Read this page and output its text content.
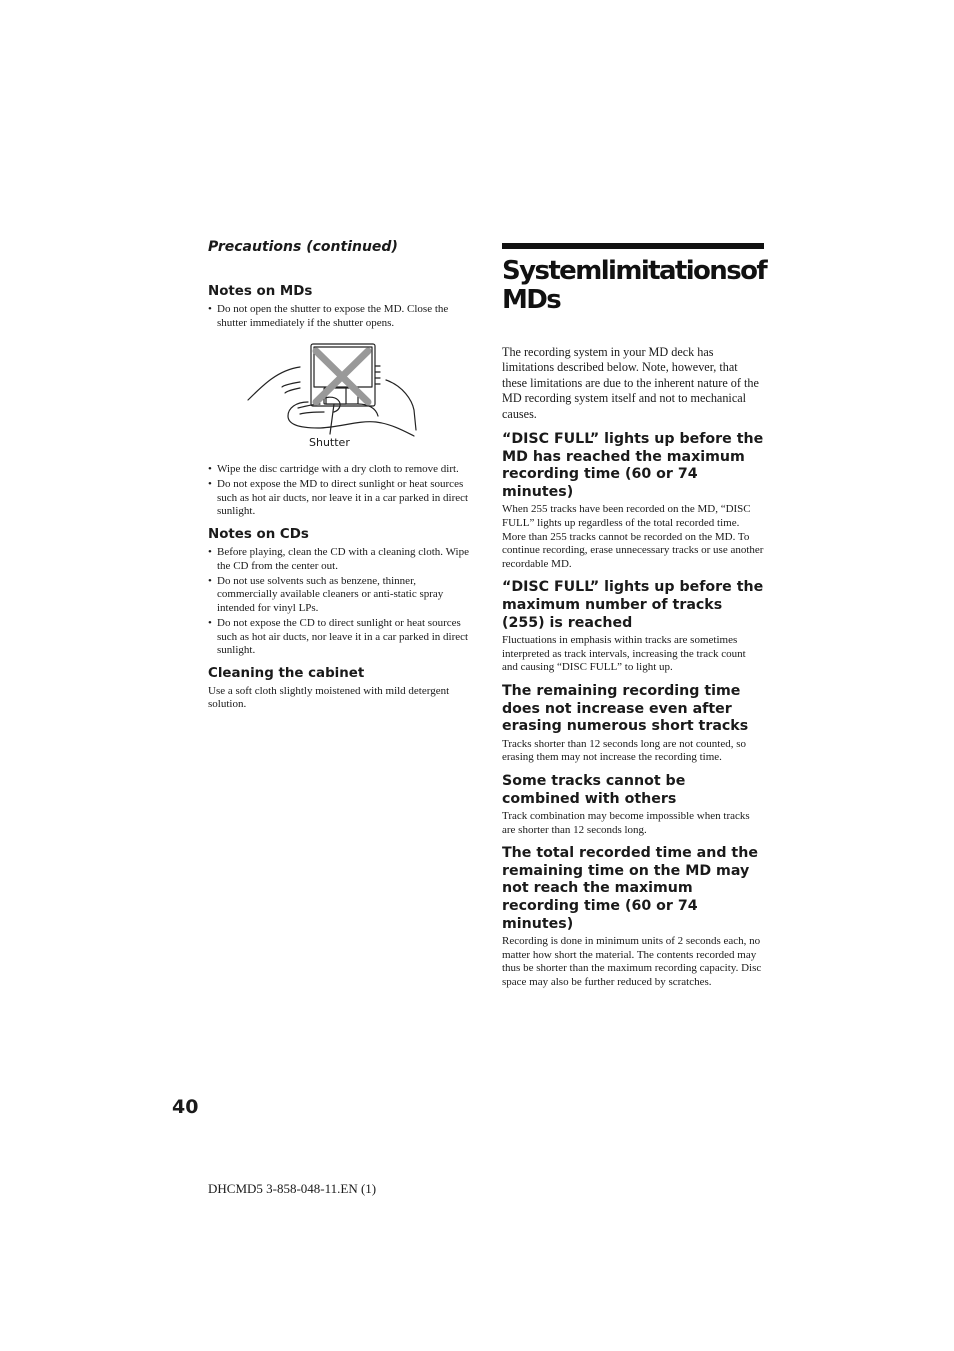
Precautions (continued)

Notes on MDs
• Do not open the shutter to expose the MD. Close the shutter immediately if the shutter opens.
Shutter
• Wipe the disc cartridge with a dry cloth to remove dirt.
• Do not expose the MD to direct sunlight or heat sources such as hot air ducts, nor leave it in a car parked in direct sunlight.
Notes on CDs
• Before playing, clean the CD with a cleaning cloth. Wipe the CD from the center out.
• Do not use solvents such as benzene, thinner, commercially available cleaners or anti-static spray intended for vinyl LPs.
• Do not expose the CD to direct sunlight or heat sources such as hot air ducts, nor leave it in a car parked in direct sunlight.
Cleaning the cabinet

Use a soft cloth slightly moistened with mild detergent solution.

Systemlimitationsof MDs

The recording system in your MD deck has limitations described below. Note, however, that these limitations are due to the inherent nature of the MD recording system itself and not to mechanical causes.

“DISC FULL” lights up before the MD has reached the maximum recording time (60 or 74 minutes)

When 255 tracks have been recorded on the MD, “DISC FULL” lights up regardless of the total recorded time. More than 255 tracks cannot be recorded on the MD. To continue recording, erase unnecessary tracks or use another recordable MD.

“DISC FULL” lights up before the maximum number of tracks (255) is reached

Fluctuations in emphasis within tracks are sometimes interpreted as track intervals, increasing the track count and causing “DISC FULL” to light up.

The remaining recording time does not increase even after erasing numerous short tracks

Tracks shorter than 12 seconds long are not counted, so erasing them may not increase the recording time.

Some tracks cannot be combined with others

Track combination may become impossible when tracks are shorter than 12 seconds long.

The total recorded time and the remaining time on the MD may not reach the maximum recording time (60 or 74 minutes)

Recording is done in minimum units of 2 seconds each, no matter how short the material. The contents recorded may thus be shorter than the maximum recording capacity. Disc space may also be further reduced by scratches.

40

DHCMD5 3-858-048-11.EN (1)
